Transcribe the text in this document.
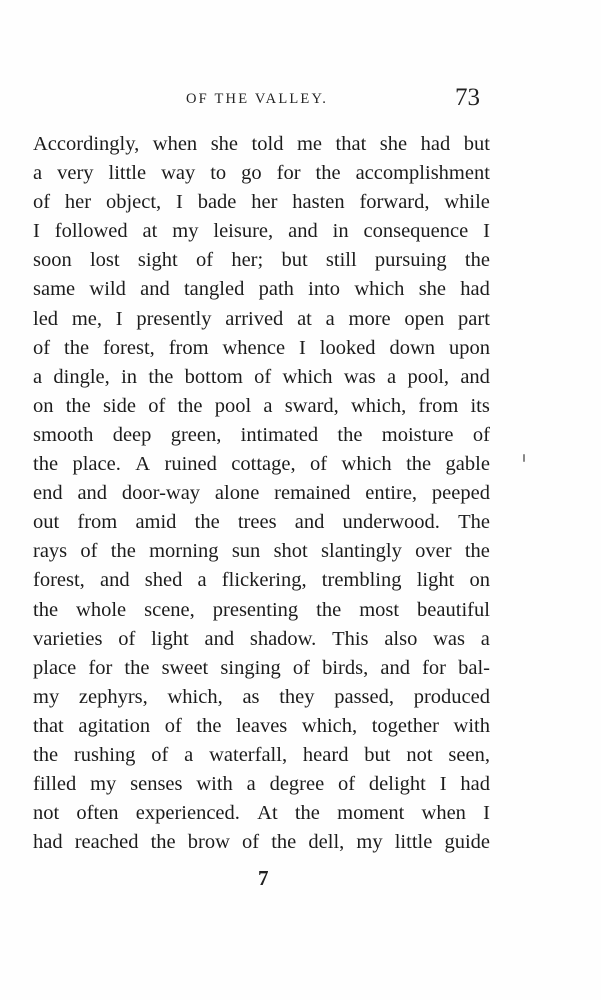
OF THE VALLEY.	73
Accordingly, when she told me that she had but
a very little way to go for the accomplishment
of her object, I bade her hasten forward, while
I followed at my leisure, and in consequence I
soon lost sight of her; but still pursuing the
same wild and tangled path into which she had
led me, I presently arrived at a more open part
of the forest, from whence I looked down upon
a dingle, in the bottom of which was a pool, and
on the side of the pool a sward, which, from its
smooth deep green, intimated the moisture of
the place. A ruined cottage, of which the gable
end and door-way alone remained entire, peeped
out from amid the trees and underwood. The
rays of the morning sun shot slantingly over the
forest, and shed a flickering, trembling light on
the whole scene, presenting the most beautiful
varieties of light and shadow. This also was a
place for the sweet singing of birds, and for bal-
my zephyrs, which, as they passed, produced
that agitation of the leaves which, together with
the rushing of a waterfall, heard but not seen,
filled my senses with a degree of delight I had
not often experienced. At the moment when I
had reached the brow of the dell, my little guide
7
